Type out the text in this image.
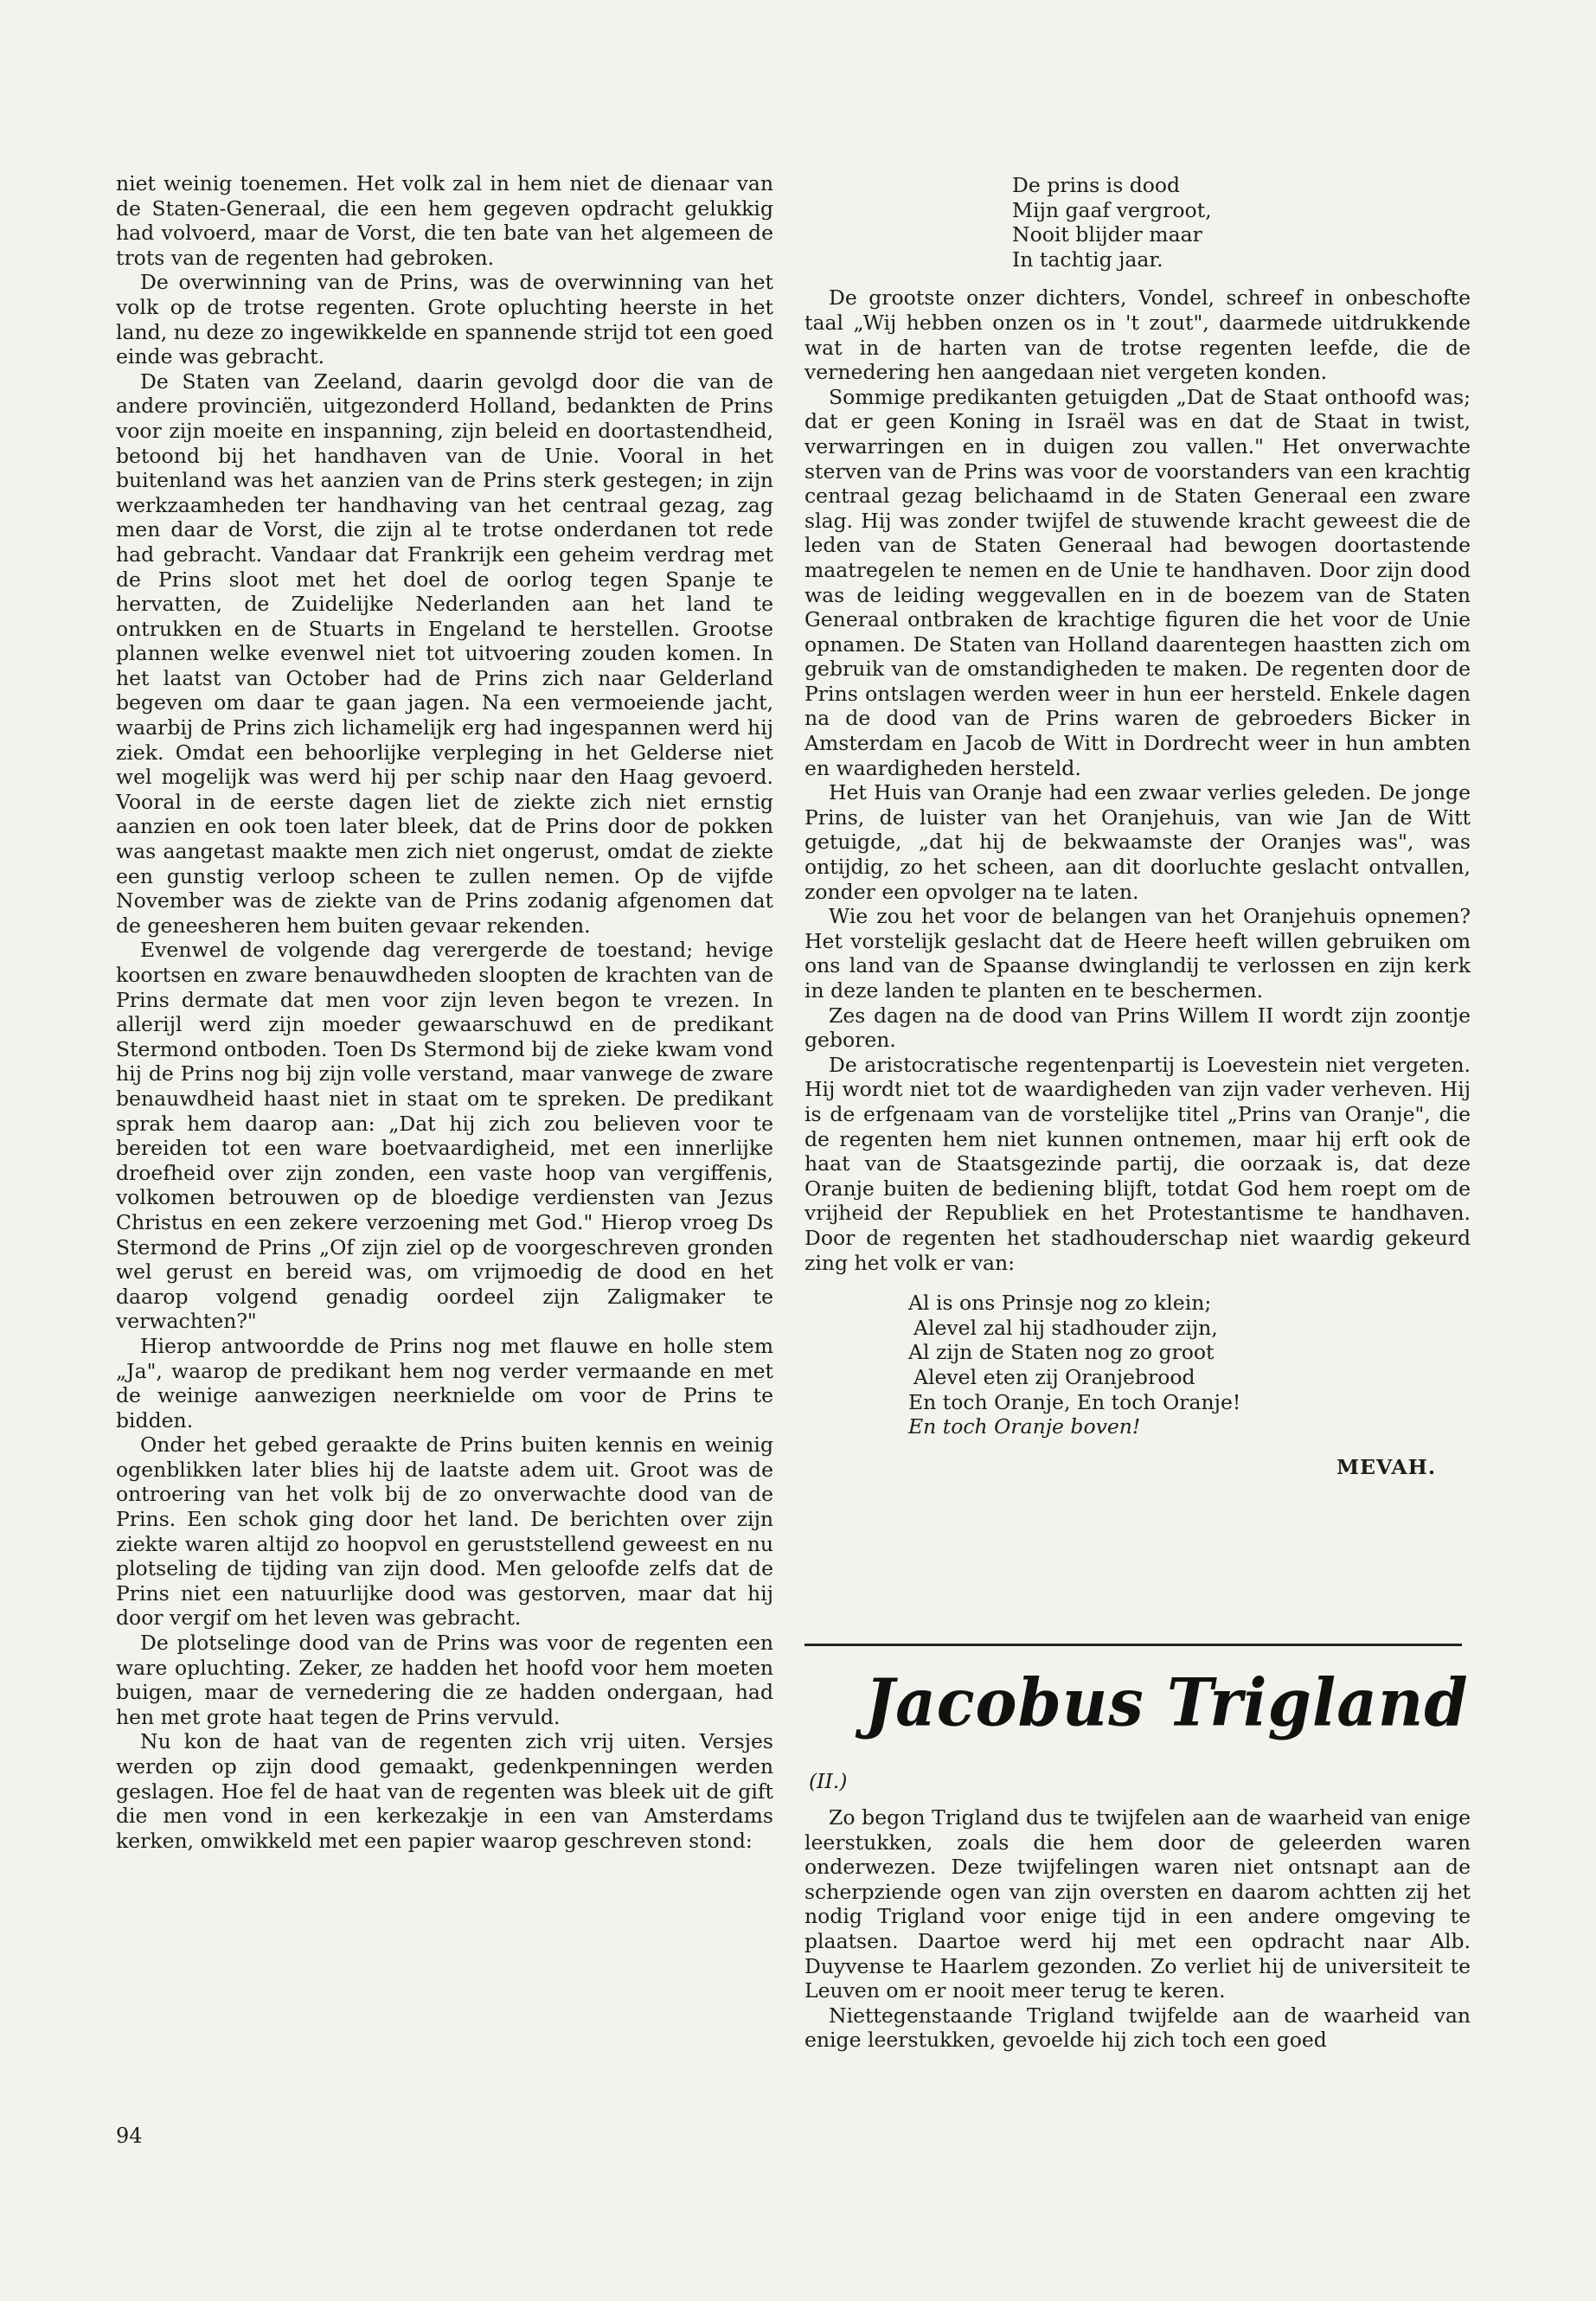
niet weinig toenemen. Het volk zal in hem niet de dienaar van de Staten-Generaal, die een hem gegeven opdracht gelukkig had volvoerd, maar de Vorst, die ten bate van het algemeen de trots van de regenten had gebroken.

De overwinning van de Prins, was de overwinning van het volk op de trotse regenten. Grote opluchting heerste in het land, nu deze zo ingewikkelde en spannende strijd tot een goed einde was gebracht.

De Staten van Zeeland, daarin gevolgd door die van de andere provinciën, uitgezonderd Holland, bedankten de Prins voor zijn moeite en inspanning, zijn beleid en doortastendheid, betoond bij het handhaven van de Unie. Vooral in het buitenland was het aanzien van de Prins sterk gestegen; in zijn werkzaamheden ter handhaving van het centraal gezag, zag men daar de Vorst, die zijn al te trotse onderdanen tot rede had gebracht. Vandaar dat Frankrijk een geheim verdrag met de Prins sloot met het doel de oorlog tegen Spanje te hervatten, de Zuidelijke Nederlanden aan het land te ontrukken en de Stuarts in Engeland te herstellen. Grootse plannen welke evenwel niet tot uitvoering zouden komen. In het laatst van October had de Prins zich naar Gelderland begeven om daar te gaan jagen. Na een vermoeiende jacht, waarbij de Prins zich lichamelijk erg had ingespannen werd hij ziek. Omdat een behoorlijke verpleging in het Gelderse niet wel mogelijk was werd hij per schip naar den Haag gevoerd. Vooral in de eerste dagen liet de ziekte zich niet ernstig aanzien en ook toen later bleek, dat de Prins door de pokken was aangetast maakte men zich niet ongerust, omdat de ziekte een gunstig verloop scheen te zullen nemen. Op de vijfde November was de ziekte van de Prins zodanig afgenomen dat de geneesheren hem buiten gevaar rekenden.

Evenwel de volgende dag verergerde de toestand; hevige koortsen en zware benauwdheden sloopten de krachten van de Prins dermate dat men voor zijn leven begon te vrezen. In allerijl werd zijn moeder gewaarschuwd en de predikant Stermond ontboden. Toen Ds Stermond bij de zieke kwam vond hij de Prins nog bij zijn volle verstand, maar vanwege de zware benauwdheid haast niet in staat om te spreken. De predikant sprak hem daarop aan: „Dat hij zich zou believen voor te bereiden tot een ware boetvaardigheid, met een innerlijke droefheid over zijn zonden, een vaste hoop van vergiffenis, volkomen betrouwen op de bloedige verdiensten van Jezus Christus en een zekere verzoening met God." Hierop vroeg Ds Stermond de Prins „Of zijn ziel op de voorgeschreven gronden wel gerust en bereid was, om vrijmoedig de dood en het daarop volgend genadig oordeel zijn Zaligmaker te verwachten?"

Hierop antwoordde de Prins nog met flauwe en holle stem „Ja", waarop de predikant hem nog verder vermaande en met de weinige aanwezigen neerknielde om voor de Prins te bidden.

Onder het gebed geraakte de Prins buiten kennis en weinig ogenblikken later blies hij de laatste adem uit. Groot was de ontroering van het volk bij de zo onverwachte dood van de Prins. Een schok ging door het land. De berichten over zijn ziekte waren altijd zo hoopvol en geruststellend geweest en nu plotseling de tijding van zijn dood. Men geloofde zelfs dat de Prins niet een natuurlijke dood was gestorven, maar dat hij door vergif om het leven was gebracht.

De plotselinge dood van de Prins was voor de regenten een ware opluchting. Zeker, ze hadden het hoofd voor hem moeten buigen, maar de vernedering die ze hadden ondergaan, had hen met grote haat tegen de Prins vervuld.

Nu kon de haat van de regenten zich vrij uiten. Versjes werden op zijn dood gemaakt, gedenkpenningen werden geslagen. Hoe fel de haat van de regenten was bleek uit de gift die men vond in een kerkezakje in een van Amsterdams kerken, omwikkeld met een papier waarop geschreven stond:

De prins is dood
Mijn gaaf vergroot,
Nooit blijder maar
In tachtig jaar.

De grootste onzer dichters, Vondel, schreef in onbeschofte taal „Wij hebben onzen os in 't zout", daarmede uitdrukkende wat in de harten van de trotse regenten leefde, die de vernedering hen aangedaan niet vergeten konden.

Sommige predikanten getuigden „Dat de Staat onthoofd was; dat er geen Koning in Israël was en dat de Staat in twist, verwarringen en in duigen zou vallen." Het onverwachte sterven van de Prins was voor de voorstanders van een krachtig centraal gezag belichaamd in de Staten Generaal een zware slag. Hij was zonder twijfel de stuwende kracht geweest die de leden van de Staten Generaal had bewogen doortastende maatregelen te nemen en de Unie te handhaven. Door zijn dood was de leiding weggevallen en in de boezem van de Staten Generaal ontbraken de krachtige figuren die het voor de Unie opnamen. De Staten van Holland daarentegen haastten zich om gebruik van de omstandigheden te maken. De regenten door de Prins ontslagen werden weer in hun eer hersteld. Enkele dagen na de dood van de Prins waren de gebroeders Bicker in Amsterdam en Jacob de Witt in Dordrecht weer in hun ambten en waardigheden hersteld.

Het Huis van Oranje had een zwaar verlies geleden. De jonge Prins, de luister van het Oranjehuis, van wie Jan de Witt getuigde, „dat hij de bekwaamste der Oranjes was", was ontijdig, zo het scheen, aan dit doorluchte geslacht ontvallen, zonder een opvolger na te laten.

Wie zou het voor de belangen van het Oranjehuis opnemen? Het vorstelijk geslacht dat de Heere heeft willen gebruiken om ons land van de Spaanse dwinglandij te verlossen en zijn kerk in deze landen te planten en te beschermen.

Zes dagen na de dood van Prins Willem II wordt zijn zoontje geboren.

De aristocratische regentenpartij is Loevestein niet vergeten. Hij wordt niet tot de waardigheden van zijn vader verheven. Hij is de erfgenaam van de vorstelijke titel „Prins van Oranje", die de regenten hem niet kunnen ontnemen, maar hij erft ook de haat van de Staatsgezinde partij, die oorzaak is, dat deze Oranje buiten de bediening blijft, totdat God hem roept om de vrijheid der Republiek en het Protestantisme te handhaven. Door de regenten het stadhouderschap niet waardig gekeurd zing het volk er van:

Al is ons Prinsje nog zo klein;
Alevel zal hij stadhouder zijn,
Al zijn de Staten nog zo groot
Alevel eten zij Oranjebrood
En toch Oranje, En toch Oranje!
En toch Oranje boven!
MEVAH.
Jacobus Trigland
(II.)

Zo begon Trigland dus te twijfelen aan de waarheid van enige leerstukken, zoals die hem door de geleerden waren onderwezen. Deze twijfelingen waren niet ontsnapt aan de scherpziende ogen van zijn oversten en daarom achtten zij het nodig Trigland voor enige tijd in een andere omgeving te plaatsen. Daartoe werd hij met een opdracht naar Alb. Duyvense te Haarlem gezonden. Zo verliet hij de universiteit te Leuven om er nooit meer terug te keren.

Niettegenstaande Trigland twijfelde aan de waarheid van enige leerstukken, gevoelde hij zich toch een goed

94
